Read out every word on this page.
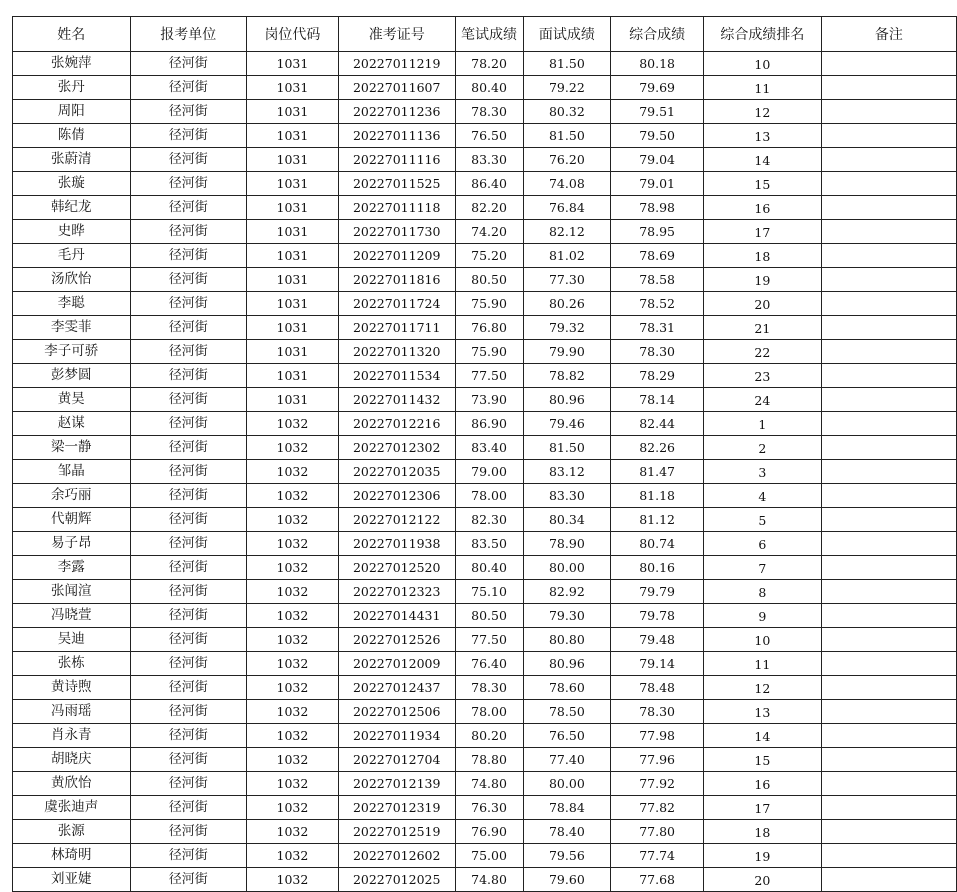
姓名	报考单位	岗位代码	准考证号	笔试成绩	面试成绩	综合成绩	综合成绩排名	备注
张婉萍	径河街	1031	20227011219	78.20	81.50	80.18	10	
张丹	径河街	1031	20227011607	80.40	79.22	79.69	11	
周阳	径河街	1031	20227011236	78.30	80.32	79.51	12	
陈倩	径河街	1031	20227011136	76.50	81.50	79.50	13	
张蔚清	径河街	1031	20227011116	83.30	76.20	79.04	14	
张璇	径河街	1031	20227011525	86.40	74.08	79.01	15	
韩纪龙	径河街	1031	20227011118	82.20	76.84	78.98	16	
史晔	径河街	1031	20227011730	74.20	82.12	78.95	17	
毛丹	径河街	1031	20227011209	75.20	81.02	78.69	18	
汤欣怡	径河街	1031	20227011816	80.50	77.30	78.58	19	
李聪	径河街	1031	20227011724	75.90	80.26	78.52	20	
李雯菲	径河街	1031	20227011711	76.80	79.32	78.31	21	
李子可骄	径河街	1031	20227011320	75.90	79.90	78.30	22	
彭梦圆	径河街	1031	20227011534	77.50	78.82	78.29	23	
黄昊	径河街	1031	20227011432	73.90	80.96	78.14	24	
赵谋	径河街	1032	20227012216	86.90	79.46	82.44	1	
梁一静	径河街	1032	20227012302	83.40	81.50	82.26	2	
邹晶	径河街	1032	20227012035	79.00	83.12	81.47	3	
余巧丽	径河街	1032	20227012306	78.00	83.30	81.18	4	
代朝辉	径河街	1032	20227012122	82.30	80.34	81.12	5	
易子昂	径河街	1032	20227011938	83.50	78.90	80.74	6	
李露	径河街	1032	20227012520	80.40	80.00	80.16	7	
张闻渲	径河街	1032	20227012323	75.10	82.92	79.79	8	
冯晓萱	径河街	1032	20227014431	80.50	79.30	79.78	9	
吴迪	径河街	1032	20227012526	77.50	80.80	79.48	10	
张栋	径河街	1032	20227012009	76.40	80.96	79.14	11	
黄诗煦	径河街	1032	20227012437	78.30	78.60	78.48	12	
冯雨瑶	径河街	1032	20227012506	78.00	78.50	78.30	13	
肖永青	径河街	1032	20227011934	80.20	76.50	77.98	14	
胡晓庆	径河街	1032	20227012704	78.80	77.40	77.96	15	
黄欣怡	径河街	1032	20227012139	74.80	80.00	77.92	16	
虞张迪声	径河街	1032	20227012319	76.30	78.84	77.82	17	
张源	径河街	1032	20227012519	76.90	78.40	77.80	18	
林琦明	径河街	1032	20227012602	75.00	79.56	77.74	19	
刘亚婕	径河街	1032	20227012025	74.80	79.60	77.68	20	
